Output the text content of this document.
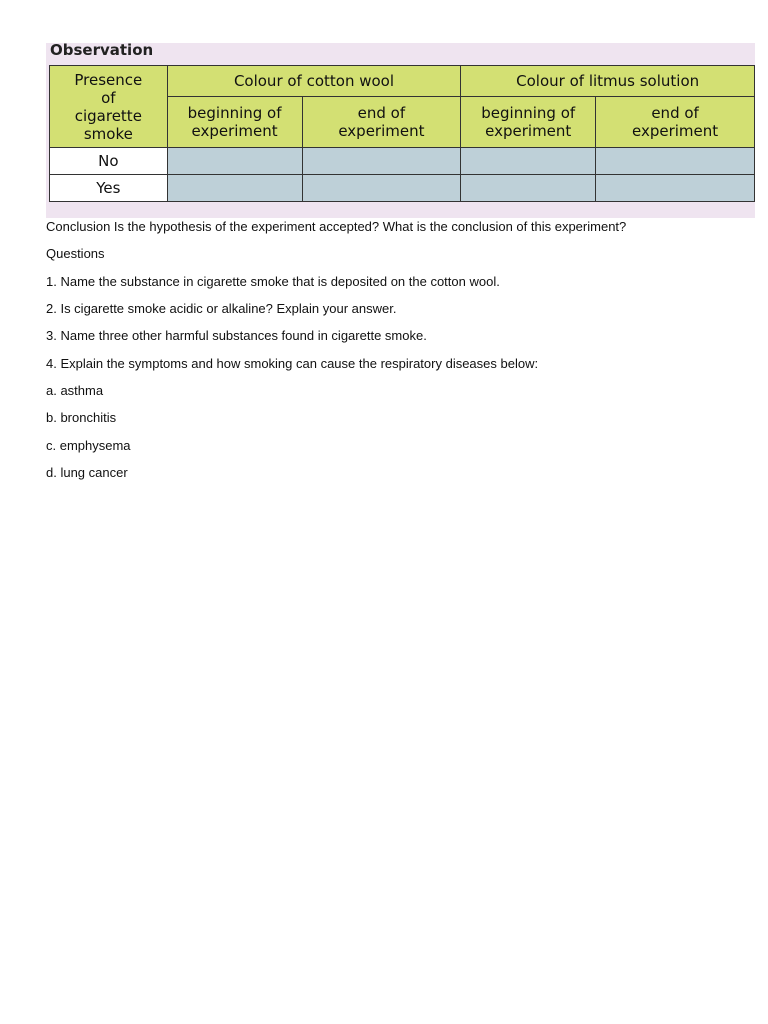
Observation
Presence of cigarette smoke	Colour of cotton wool		Colour of litmus solution	
	beginning of experiment	end of experiment	beginning of experiment	end of experiment
No				
Yes				
Conclusion Is the hypothesis of the experiment accepted? What is the conclusion of this experiment?
Questions
1. Name the substance in cigarette smoke that is deposited on the cotton wool.
2. Is cigarette smoke acidic or alkaline? Explain your answer.
3. Name three other harmful substances found in cigarette smoke.
4. Explain the symptoms and how smoking can cause the respiratory diseases below:
a. asthma
b. bronchitis
c. emphysema
d. lung cancer
